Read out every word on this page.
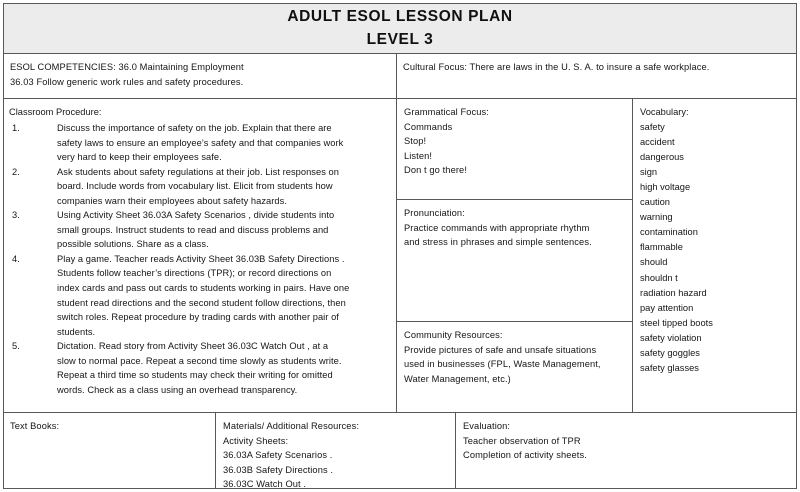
ADULT ESOL LESSON PLAN
LEVEL 3
ESOL COMPETENCIES: 36.0 Maintaining Employment
36.03 Follow generic work rules and safety procedures.
Cultural Focus: There are laws in the U. S. A. to insure a safe workplace.
Classroom Procedure:
1.	Discuss the importance of safety on the job. Explain that there are
safety laws to ensure an employee’s safety and that companies work
very hard to keep their employees safe.
2.	Ask students about safety regulations at their job. List responses on
board. Include words from vocabulary list. Elicit from students how
companies warn their employees about safety hazards.
3.	Using Activity Sheet 36.03A Safety Scenarios , divide students into
small groups. Instruct students to read and discuss problems and
possible solutions. Share as a class.
4.	Play a game. Teacher reads Activity Sheet 36.03B Safety Directions .
Students follow teacher’s directions (TPR); or record directions on
index cards and pass out cards to students working in pairs. Have one
student read directions and the second student follow directions, then
switch roles. Repeat procedure by trading cards with another pair of
students.
5.	Dictation. Read story from Activity Sheet 36.03C Watch Out , at a
slow to normal pace. Repeat a second time slowly as students write.
Repeat a third time so students may check their writing for omitted
words. Check as a class using an overhead transparency.
Grammatical Focus:
Commands
Stop!
Listen!
Don t go there!
Pronunciation:
Practice commands with appropriate rhythm
and stress in phrases and simple sentences.
Community Resources:
Provide pictures of safe and unsafe situations
used in businesses (FPL, Waste Management,
Water Management, etc.)
Vocabulary:
safety
accident
dangerous
sign
high voltage
caution
warning
contamination
flammable
should
shouldn t
radiation hazard
pay attention
steel tipped boots
safety violation
safety goggles
safety glasses
Text Books:	Materials/ Additional Resources:
Activity Sheets:
36.03A Safety Scenarios .
36.03B Safety Directions .
36.03C Watch Out .
Evaluation:
Teacher observation of TPR
Completion of activity sheets.
